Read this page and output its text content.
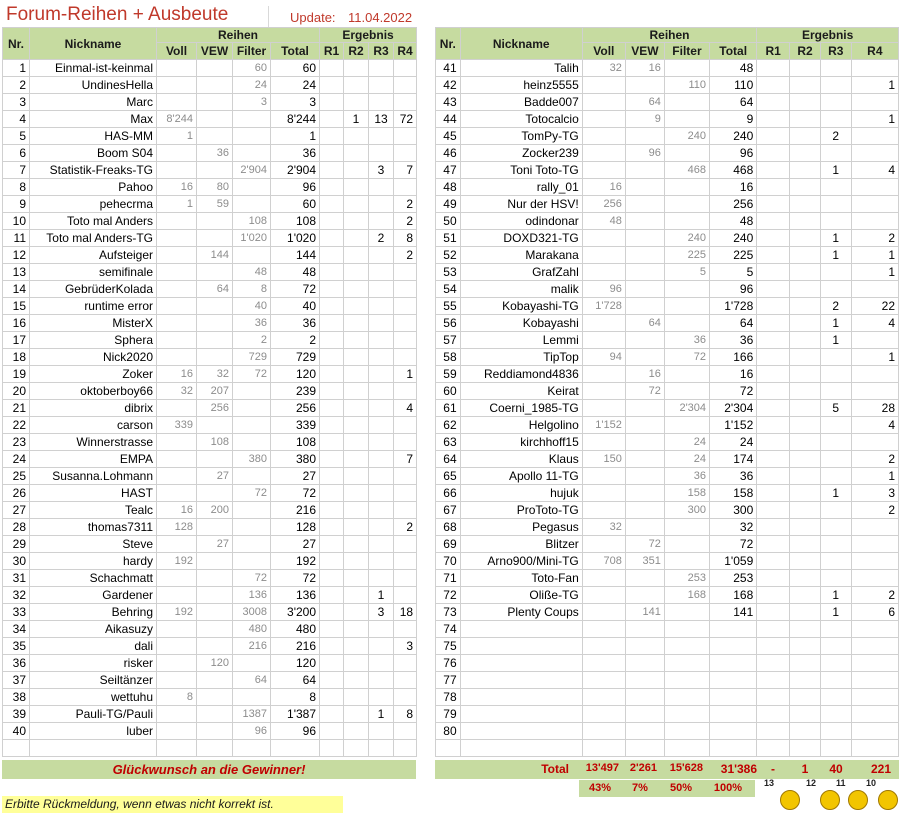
Forum-Reihen + Ausbeute	Update: 11.04.2022
Nr.	Nickname	Reihen				Ergebnis			
		Voll	VEW	Filter	Total	R1	R2	R3	R4
1	Einmal-ist-keinmal			60	60				
2	UndinesHella			24	24				
3	Marc			3	3				
4	Max	8'244			8'244		1	13	72
5	HAS-MM	1			1				
6	Boom S04		36		36				
7	Statistik-Freaks-TG			2'904	2'904			3	7
8	Pahoo	16	80		96				
9	pehecrma	1	59		60				2
10	Toto mal Anders			108	108				2
11	Toto mal Anders-TG			1'020	1'020			2	8
12	Aufsteiger		144		144				2
13	semifinale			48	48				
14	GebrüderKolada		64	8	72				
15	runtime error			40	40				
16	MisterX			36	36				
17	Sphera			2	2				
18	Nick2020			729	729				
19	Zoker	16	32	72	120				1
20	oktoberboy66	32	207		239				
21	dibrix		256		256				4
22	carson	339			339				
23	Winnerstrasse		108		108				
24	EMPA			380	380				7
25	Susanna.Lohmann		27		27				
26	HAST			72	72				
27	Tealc	16	200		216				
28	thomas7311	128			128				2
29	Steve		27		27				
30	hardy	192			192				
31	Schachmatt			72	72				
32	Gardener			136	136			1	
33	Behring	192		3008	3'200			3	18
34	Aikasuzy			480	480				
35	dali			216	216				3
36	risker		120		120				
37	Seiltänzer			64	64				
38	wettuhu	8			8				
39	Pauli-TG/Pauli			1387	1'387			1	8
40	luber			96	96				

Nr.	Nickname	Reihen				Ergebnis			
		Voll	VEW	Filter	Total	R1	R2	R3	R4
41	Talih	32	16		48				
42	heinz5555			110	110				1
43	Badde007		64		64				
44	Totocalcio		9		9				1
45	TomPy-TG			240	240			2	
46	Zocker239		96		96				
47	Toni Toto-TG			468	468			1	4
48	rally_01	16			16				
49	Nur der HSV!	256			256				
50	odindonar	48			48				
51	DOXD321-TG			240	240			1	2
52	Marakana			225	225			1	1
53	GrafZahl			5	5				1
54	malik	96			96				
55	Kobayashi-TG	1'728			1'728			2	22
56	Kobayashi		64		64			1	4
57	Lemmi			36	36			1	
58	TipTop	94		72	166				1
59	Reddiamond4836		16		16				
60	Keirat		72		72				
61	Coerni_1985-TG			2'304	2'304			5	28
62	Helgolino	1'152			1'152				4
63	kirchhoff15			24	24				
64	Klaus	150		24	174				2
65	Apollo 11-TG			36	36				1
66	hujuk			158	158			1	3
67	ProToto-TG			300	300				2
68	Pegasus	32			32				
69	Blitzer		72		72				
70	Arno900/Mini-TG	708	351		1'059				
71	Toto-Fan			253	253				
72	Olißе-TG			168	168			1	2
73	Plenty Coups		141		141			1	6
74									
75									
76									
77									
78									
79									
80									

Glückwunsch an die Gewinner!	Total	13'497 2'261	15'628	31'386	-	1	40	221
43%	7%	50%	100%
Erbitte Rückmeldung, wenn etwas nicht korrekt ist.
13	12 11 10
